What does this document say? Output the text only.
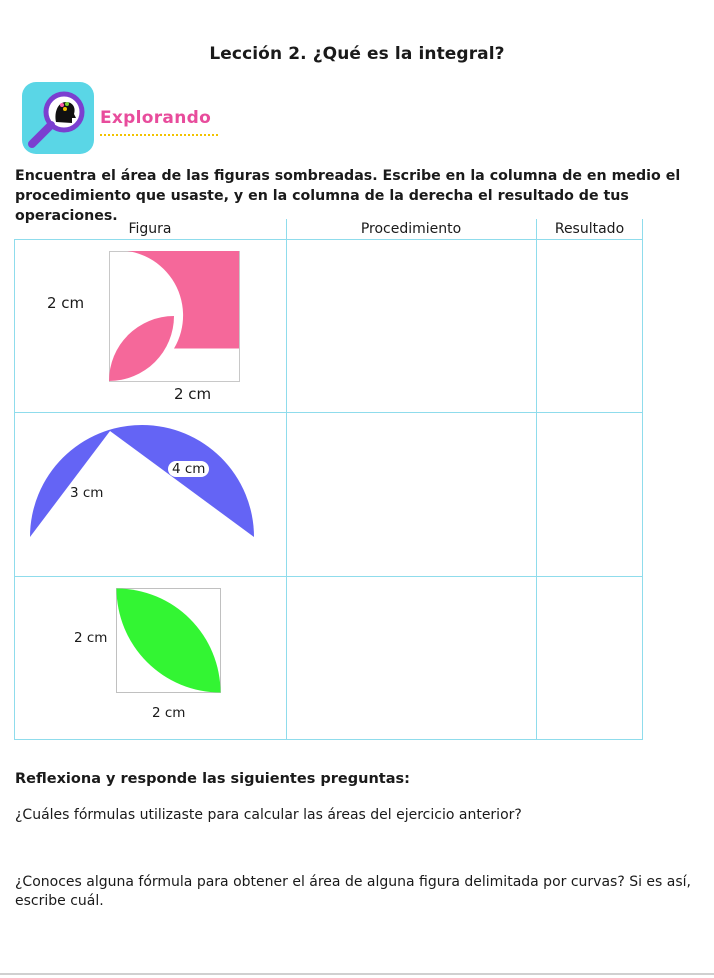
Lección 2. ¿Qué es la integral?
Explorando
Encuentra el área de las figuras sombreadas. Escribe en la columna de en medio el procedimiento que usaste, y en la columna de la derecha el resultado de tus operaciones.
Figura	Procedimiento	Resultado
2 cm
2 cm
4 cm
3 cm
2 cm
2 cm
Reflexiona y responde las siguientes preguntas:
¿Cuáles fórmulas utilizaste para calcular las áreas del ejercicio anterior?
¿Conoces alguna fórmula para obtener el área de alguna figura delimitada por curvas? Si es así, escribe cuál.
